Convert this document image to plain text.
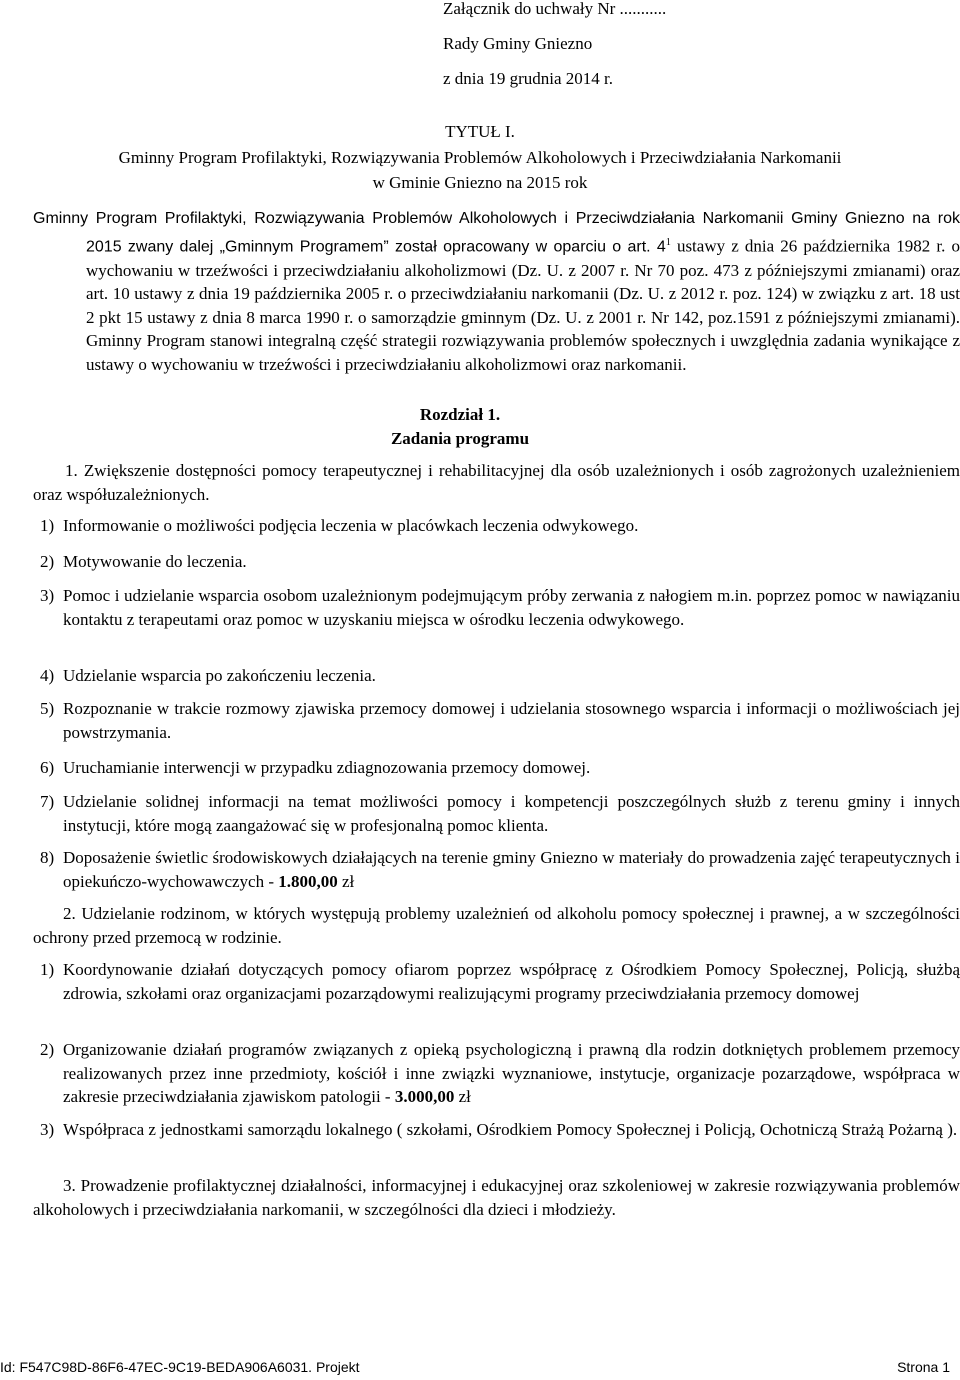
Załącznik do uchwały Nr ...........
Rady Gminy Gniezno
z dnia 19 grudnia 2014 r.
TYTUŁ I.
Gminny Program Profilaktyki, Rozwiązywania Problemów Alkoholowych i Przeciwdziałania Narkomanii
w Gminie Gniezno na 2015 rok
Gminny Program Profilaktyki, Rozwiązywania Problemów Alkoholowych i Przeciwdziałania Narkomanii Gminy Gniezno na rok 2015 zwany dalej „Gminnym Programem” został opracowany w oparciu o art. $4^1$ ustawy z dnia 26 października 1982 r. o wychowaniu w trzeźwości i przeciwdziałaniu alkoholizmowi (Dz. U. z 2007 r. Nr 70 poz. 473 z późniejszymi zmianami) oraz art. 10 ustawy z dnia 19 października 2005 r. o przeciwdziałaniu narkomanii (Dz. U. z 2012 r. poz. 124) w związku z art. 18 ust 2 pkt 15 ustawy z dnia 8 marca 1990 r. o samorządzie gminnym (Dz. U. z 2001 r. Nr 142, poz.1591 z późniejszymi zmianami). Gminny Program stanowi integralną część strategii rozwiązywania problemów społecznych i uwzględnia zadania wynikające z ustawy o wychowaniu w trzeźwości i przeciwdziałaniu alkoholizmowi oraz narkomanii.
Rozdział 1.
Zadania programu
1. Zwiększenie dostępności pomocy terapeutycznej i rehabilitacyjnej dla osób uzależnionych i osób zagrożonych uzależnieniem oraz współuzależnionych.
1) Informowanie o możliwości podjęcia leczenia w placówkach leczenia odwykowego.
2) Motywowanie do leczenia.
3) Pomoc i udzielanie wsparcia osobom uzależnionym podejmującym próby zerwania z nałogiem m.in. poprzez pomoc w nawiązaniu kontaktu z terapeutami oraz pomoc w uzyskaniu miejsca w ośrodku leczenia odwykowego.
4) Udzielanie wsparcia po zakończeniu leczenia.
5) Rozpoznanie w trakcie rozmowy zjawiska przemocy domowej i udzielania stosownego wsparcia i informacji o możliwościach jej powstrzymania.
6) Uruchamianie interwencji w przypadku zdiagnozowania przemocy domowej.
7) Udzielanie solidnej informacji na temat możliwości pomocy i kompetencji poszczególnych służb z terenu gminy i innych instytucji, które mogą zaangażować się w profesjonalną pomoc klienta.
8) Doposażenie świetlic środowiskowych działających na terenie gminy Gniezno w materiały do prowadzenia zajęć terapeutycznych i opiekuńczo-wychowawczych - 1.800,00 zł
2. Udzielanie rodzinom, w których występują problemy uzależnień od alkoholu pomocy społecznej i prawnej, a w szczególności ochrony przed przemocą w rodzinie.
1) Koordynowanie działań dotyczących pomocy ofiarom poprzez współpracę z Ośrodkiem Pomocy Społecznej, Policją, służbą zdrowia, szkołami oraz organizacjami pozarządowymi realizującymi programy przeciwdziałania przemocy domowej
2) Organizowanie działań programów związanych z opieką psychologiczną i prawną dla rodzin dotkniętych problemem przemocy realizowanych przez inne przedmioty, kościół i inne związki wyznaniowe, instytucje, organizacje pozarządowe, współpraca w zakresie przeciwdziałania zjawiskom patologii - 3.000,00 zł
3) Współpraca z jednostkami samorządu lokalnego ( szkołami, Ośrodkiem Pomocy Społecznej i Policją, Ochotniczą Strażą Pożarną ).
3. Prowadzenie profilaktycznej działalności, informacyjnej i edukacyjnej oraz szkoleniowej w zakresie rozwiązywania problemów alkoholowych i przeciwdziałania narkomanii, w szczególności dla dzieci i młodzieży.
Id: F547C98D-86F6-47EC-9C19-BEDA906A6031. Projekt	Strona 1
